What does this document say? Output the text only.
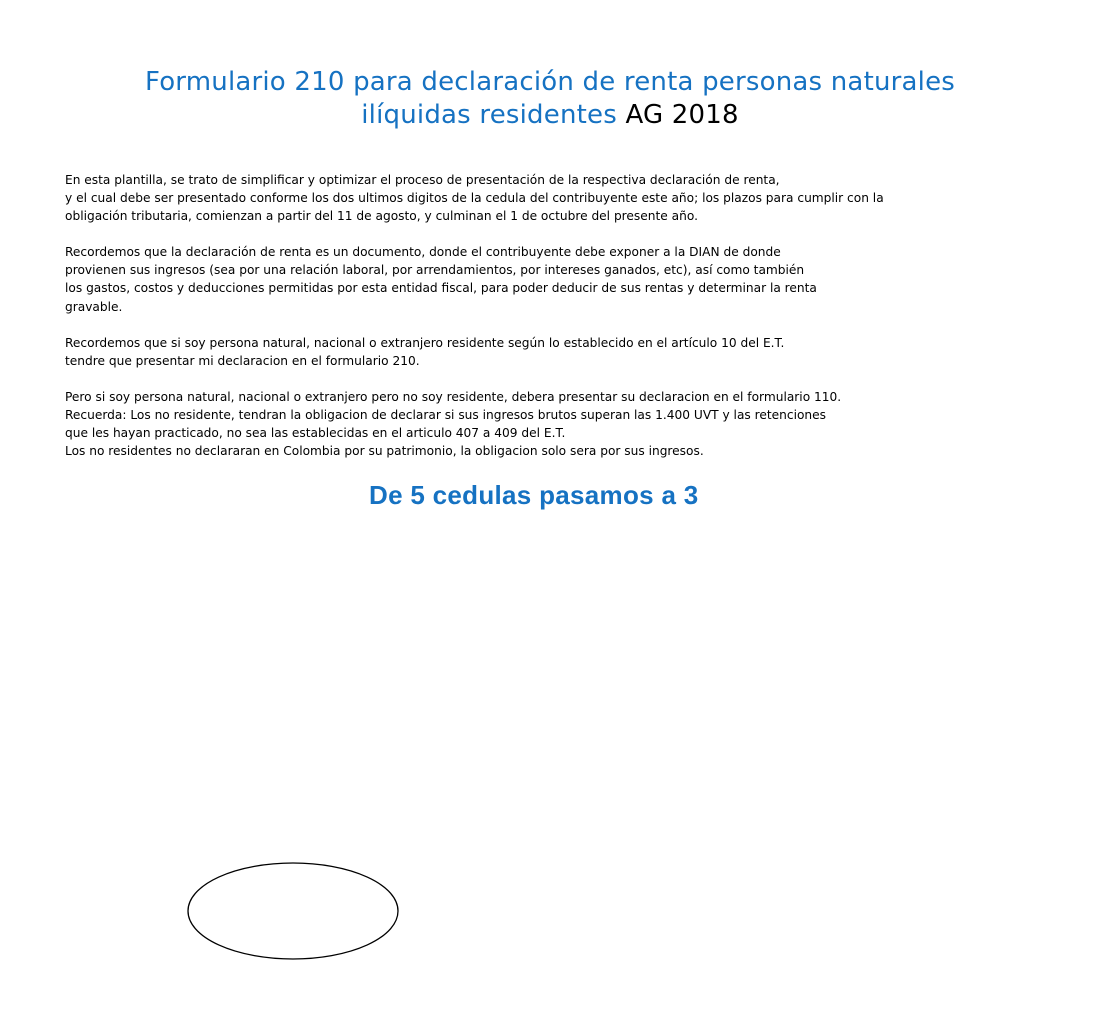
Formulario 210 para declaración de renta personas naturales
ilíquidas residentes AG 2018

En esta plantilla, se trato de simplificar y optimizar el proceso de presentación de la respectiva declaración de renta,

y el cual debe ser presentado conforme los dos ultimos digitos de la cedula del contribuyente este año; los plazos para cumplir con la

obligación tributaria, comienzan a partir del 11 de agosto, y culminan el 1 de octubre del presente año.

Recordemos que la declaración de renta es un documento, donde el contribuyente debe exponer a la DIAN de donde

provienen sus ingresos (sea por una relación laboral, por arrendamientos, por intereses ganados, etc), así como también

los gastos, costos y deducciones permitidas por esta entidad fiscal, para poder deducir de sus rentas y determinar la renta

gravable.

Recordemos que si soy persona natural, nacional o extranjero residente según lo establecido en el artículo 10 del E.T.

tendre que presentar mi declaracion en el formulario 210.

Pero si soy persona natural, nacional o extranjero pero no soy residente, debera presentar su declaracion en el formulario 110.

Recuerda: Los no residente, tendran la obligacion de declarar si sus ingresos brutos superan las 1.400 UVT y las retenciones

que les hayan practicado, no sea las establecidas en el articulo 407 a 409 del E.T.

Los no residentes no declararan en Colombia por su patrimonio, la obligacion solo sera por sus ingresos.

De 5 cedulas pasamos a 3
